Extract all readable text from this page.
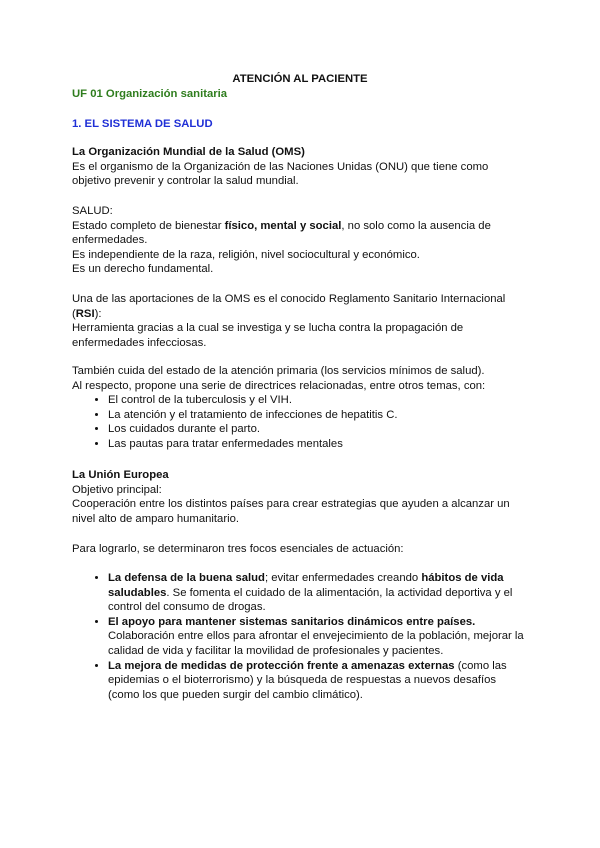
ATENCIÓN AL PACIENTE
UF 01 Organización sanitaria
1. EL SISTEMA DE SALUD

La Organización Mundial de la Salud (OMS)

Es el organismo de la Organización de las Naciones Unidas (ONU) que tiene como objetivo prevenir y controlar la salud mundial.

SALUD:

Estado completo de bienestar físico, mental y social, no solo como la ausencia de enfermedades.

Es independiente de la raza, religión, nivel sociocultural y económico.

Es un derecho fundamental.

Una de las aportaciones de la OMS es el conocido Reglamento Sanitario Internacional (RSI):

Herramienta gracias a la cual se investiga y se lucha contra la propagación de enfermedades infecciosas.

También cuida del estado de la atención primaria (los servicios mínimos de salud).

Al respecto, propone una serie de directrices relacionadas, entre otros temas, con:

• El control de la tuberculosis y el VIH.
• La atención y el tratamiento de infecciones de hepatitis C.
• Los cuidados durante el parto.
• Las pautas para tratar enfermedades mentales

La Unión Europea

Objetivo principal:

Cooperación entre los distintos países para crear estrategias que ayuden a alcanzar un nivel alto de amparo humanitario.

Para lograrlo, se determinaron tres focos esenciales de actuación:
• La defensa de la buena salud; evitar enfermedades creando hábitos de vida saludables. Se fomenta el cuidado de la alimentación, la actividad deportiva y el control del consumo de drogas.
• El apoyo para mantener sistemas sanitarios dinámicos entre países.
Colaboración entre ellos para afrontar el envejecimiento de la población, mejorar la calidad de vida y facilitar la movilidad de profesionales y pacientes.
• La mejora de medidas de protección frente a amenazas externas (como las epidemias o el bioterrorismo) y la búsqueda de respuestas a nuevos desafíos (como los que pueden surgir del cambio climático).
